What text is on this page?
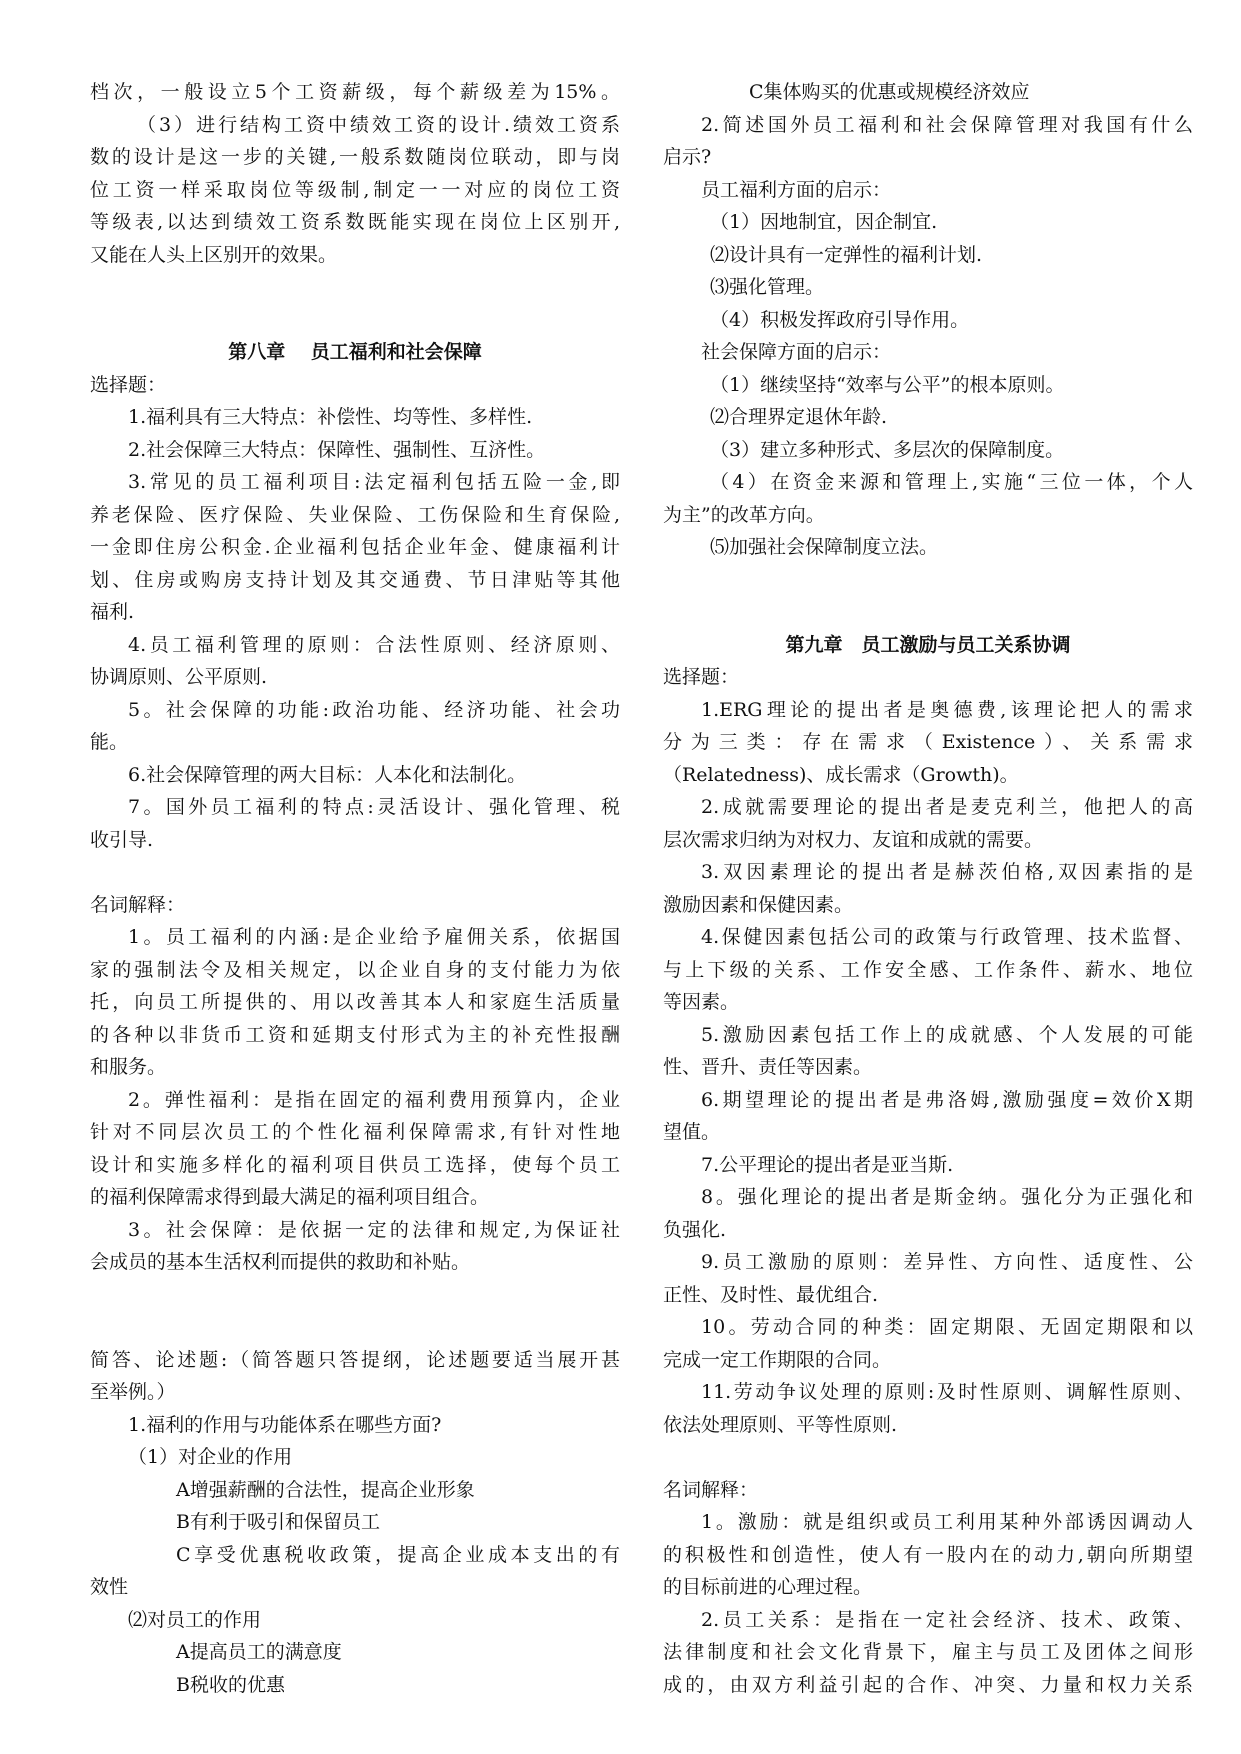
档次，一般设立5个工资薪级，每个薪级差为15%。

（3）进行结构工资中绩效工资的设计.绩效工资系

数的设计是这一步的关键,一般系数随岗位联动，即与岗

位工资一样采取岗位等级制,制定一一对应的岗位工资

等级表,以达到绩效工资系数既能实现在岗位上区别开,

又能在人头上区别开的效果。

第八章　 员工福利和社会保障

选择题：

1.福利具有三大特点：补偿性、均等性、多样性.

2.社会保障三大特点：保障性、强制性、互济性。

3.常见的员工福利项目:法定福利包括五险一金,即

养老保险、医疗保险、失业保险、工伤保险和生育保险,

一金即住房公积金.企业福利包括企业年金、健康福利计

划、住房或购房支持计划及其交通费、节日津贴等其他

福利.

4.员工福利管理的原则：合法性原则、经济原则、

协调原则、公平原则.

5。社会保障的功能:政治功能、经济功能、社会功

能。

6.社会保障管理的两大目标：人本化和法制化。

7。国外员工福利的特点:灵活设计、强化管理、税

收引导.

名词解释：

1。员工福利的内涵:是企业给予雇佣关系，依据国

家的强制法令及相关规定，以企业自身的支付能力为依

托，向员工所提供的、用以改善其本人和家庭生活质量

的各种以非货币工资和延期支付形式为主的补充性报酬

和服务。

2。弹性福利：是指在固定的福利费用预算内，企业

针对不同层次员工的个性化福利保障需求,有针对性地

设计和实施多样化的福利项目供员工选择，使每个员工

的福利保障需求得到最大满足的福利项目组合。

3。社会保障：是依据一定的法律和规定,为保证社

会成员的基本生活权利而提供的救助和补贴。

简答、论述题:（简答题只答提纲，论述题要适当展开甚

至举例。）

1.福利的作用与功能体系在哪些方面?

（1）对企业的作用

A增强薪酬的合法性，提高企业形象

B有利于吸引和保留员工

C享受优惠税收政策，提高企业成本支出的有

效性

⑵对员工的作用

A提高员工的满意度

B税收的优惠

C集体购买的优惠或规模经济效应

2.简述国外员工福利和社会保障管理对我国有什么

启示?

员工福利方面的启示：

（1）因地制宜，因企制宜.

⑵设计具有一定弹性的福利计划.

⑶强化管理。

（4）积极发挥政府引导作用。

社会保障方面的启示：

（1）继续坚持“效率与公平”的根本原则。

⑵合理界定退休年龄.

（3）建立多种形式、多层次的保障制度。

（4）在资金来源和管理上,实施“三位一体，个人

为主”的改革方向。

⑸加强社会保障制度立法。

第九章　员工激励与员工关系协调

选择题：

1.ERG理论的提出者是奥德费,该理论把人的需求

分为三类：存在需求（Existence）、关系需求

（Relatedness)、成长需求（Growth)。

2.成就需要理论的提出者是麦克利兰，他把人的高

层次需求归纳为对权力、友谊和成就的需要。

3.双因素理论的提出者是赫茨伯格,双因素指的是

激励因素和保健因素。

4.保健因素包括公司的政策与行政管理、技术监督、

与上下级的关系、工作安全感、工作条件、薪水、地位

等因素。

5.激励因素包括工作上的成就感、个人发展的可能

性、晋升、责任等因素。

6.期望理论的提出者是弗洛姆,激励强度=效价X期

望值。

7.公平理论的提出者是亚当斯.

8。强化理论的提出者是斯金纳。强化分为正强化和

负强化.

9.员工激励的原则：差异性、方向性、适度性、公

正性、及时性、最优组合.

10。劳动合同的种类：固定期限、无固定期限和以

完成一定工作期限的合同。

11.劳动争议处理的原则:及时性原则、调解性原则、

依法处理原则、平等性原则.

名词解释：

1。激励：就是组织或员工利用某种外部诱因调动人

的积极性和创造性，使人有一股内在的动力,朝向所期望

的目标前进的心理过程。

2.员工关系：是指在一定社会经济、技术、政策、

法律制度和社会文化背景下，雇主与员工及团体之间形

成的，由双方利益引起的合作、冲突、力量和权力关系
